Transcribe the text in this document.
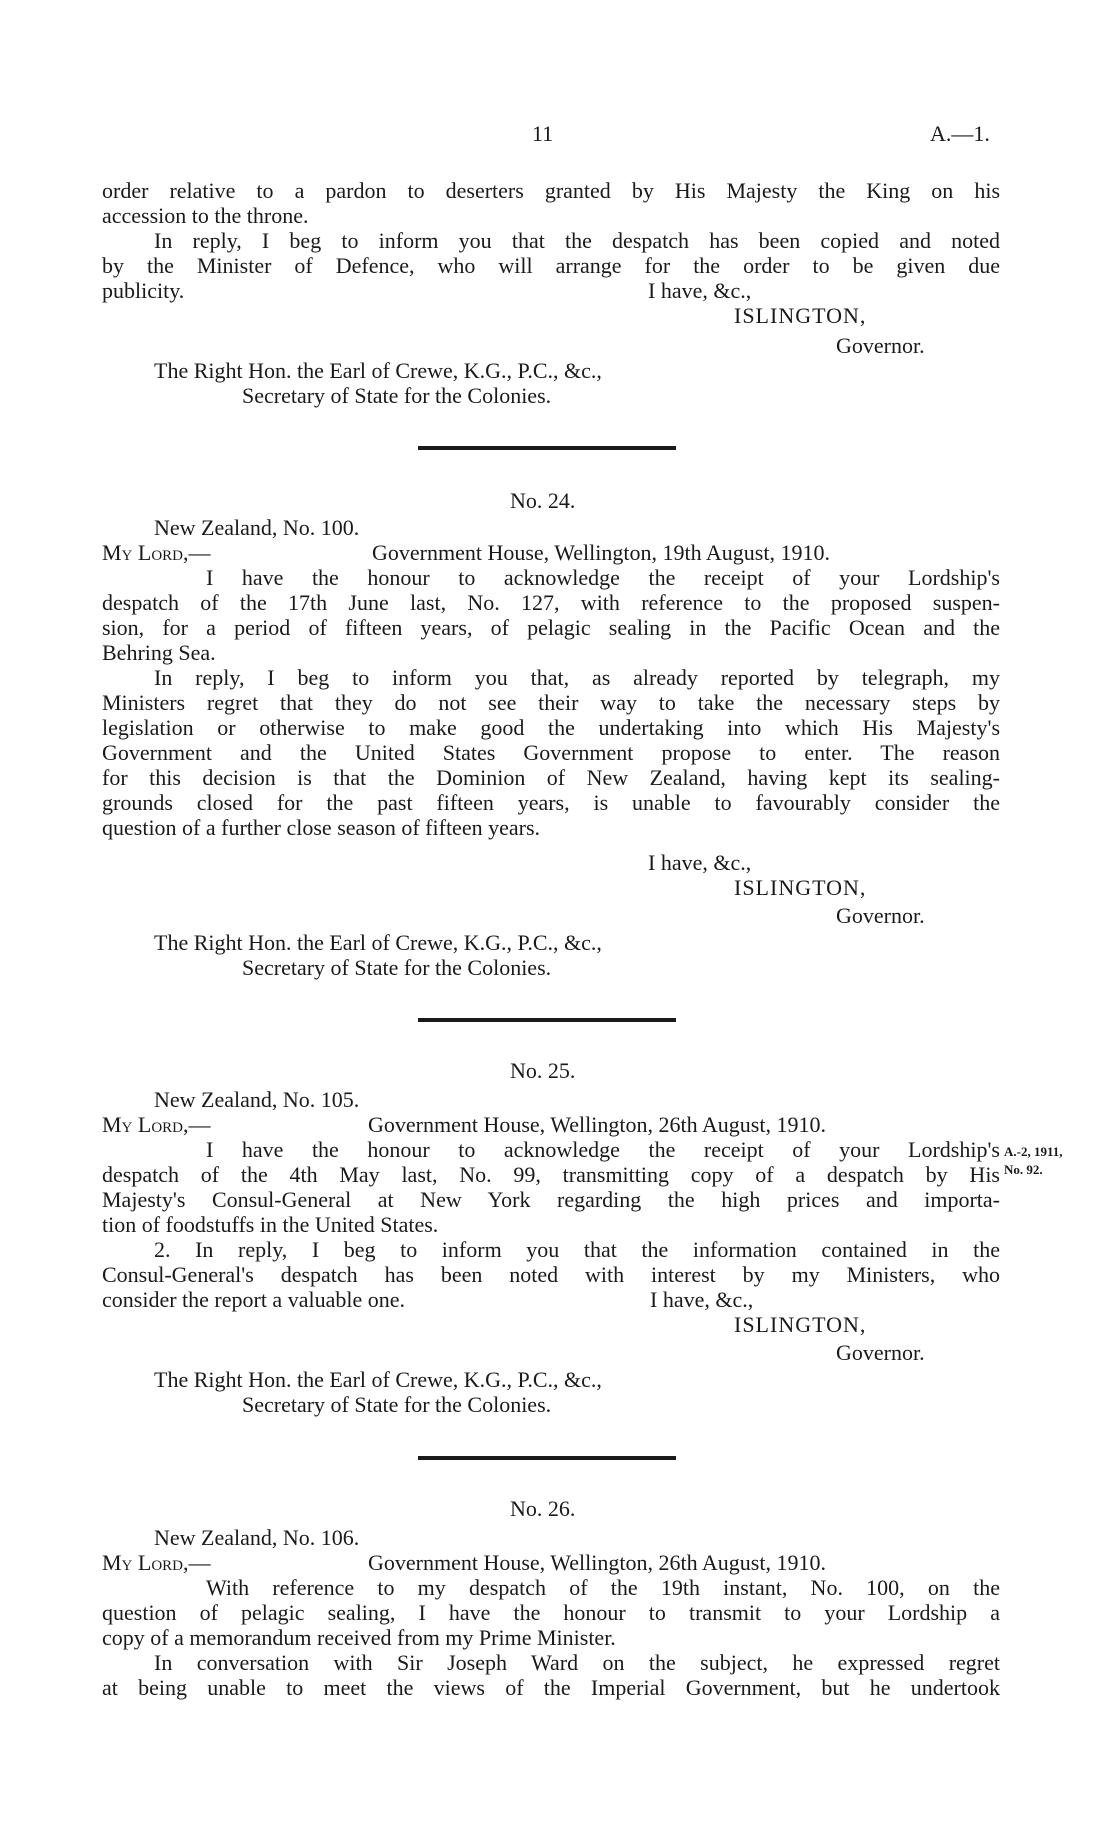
11	A.—1.
order relative to a pardon to deserters granted by His Majesty the King on his
accession to the throne.
In reply, I beg to inform you that the despatch has been copied and noted
by the Minister of Defence, who will arrange for the order to be given due
publicity.	I have, &c.,
ISLINGTON,
Governor.
The Right Hon. the Earl of Crewe, K.G., P.C., &c.,
Secretary of State for the Colonies.
No. 24.
New Zealand, No. 100.
My Lord,—	Government House, Wellington, 19th August, 1910.
I have the honour to acknowledge the receipt of your Lordship's
despatch of the 17th June last, No. 127, with reference to the proposed suspen-
sion, for a period of fifteen years, of pelagic sealing in the Pacific Ocean and the
Behring Sea.
In reply, I beg to inform you that, as already reported by telegraph, my
Ministers regret that they do not see their way to take the necessary steps by
legislation or otherwise to make good the undertaking into which His Majesty's
Government and the United States Government propose to enter. The reason
for this decision is that the Dominion of New Zealand, having kept its sealing-
grounds closed for the past fifteen years, is unable to favourably consider the
question of a further close season of fifteen years.
I have, &c.,
ISLINGTON,
Governor.
The Right Hon. the Earl of Crewe, K.G., P.C., &c.,
Secretary of State for the Colonies.
No. 25.
New Zealand, No. 105.
My Lord,—	Government House, Wellington, 26th August, 1910.
I have the honour to acknowledge the receipt of your Lordship's
despatch of the 4th May last, No. 99, transmitting copy of a despatch by His
Majesty's Consul-General at New York regarding the high prices and importa-
tion of foodstuffs in the United States.
A.-2, 1911,
No. 92.
2. In reply, I beg to inform you that the information contained in the
Consul-General's despatch has been noted with interest by my Ministers, who
consider the report a valuable one.	I have, &c.,
ISLINGTON,
Governor.
The Right Hon. the Earl of Crewe, K.G., P.C., &c.,
Secretary of State for the Colonies.
No. 26.
New Zealand, No. 106.
My Lord,—	Government House, Wellington, 26th August, 1910.
With reference to my despatch of the 19th instant, No. 100, on the
question of pelagic sealing, I have the honour to transmit to your Lordship a
copy of a memorandum received from my Prime Minister.
In conversation with Sir Joseph Ward on the subject, he expressed regret
at being unable to meet the views of the Imperial Government, but he undertook
